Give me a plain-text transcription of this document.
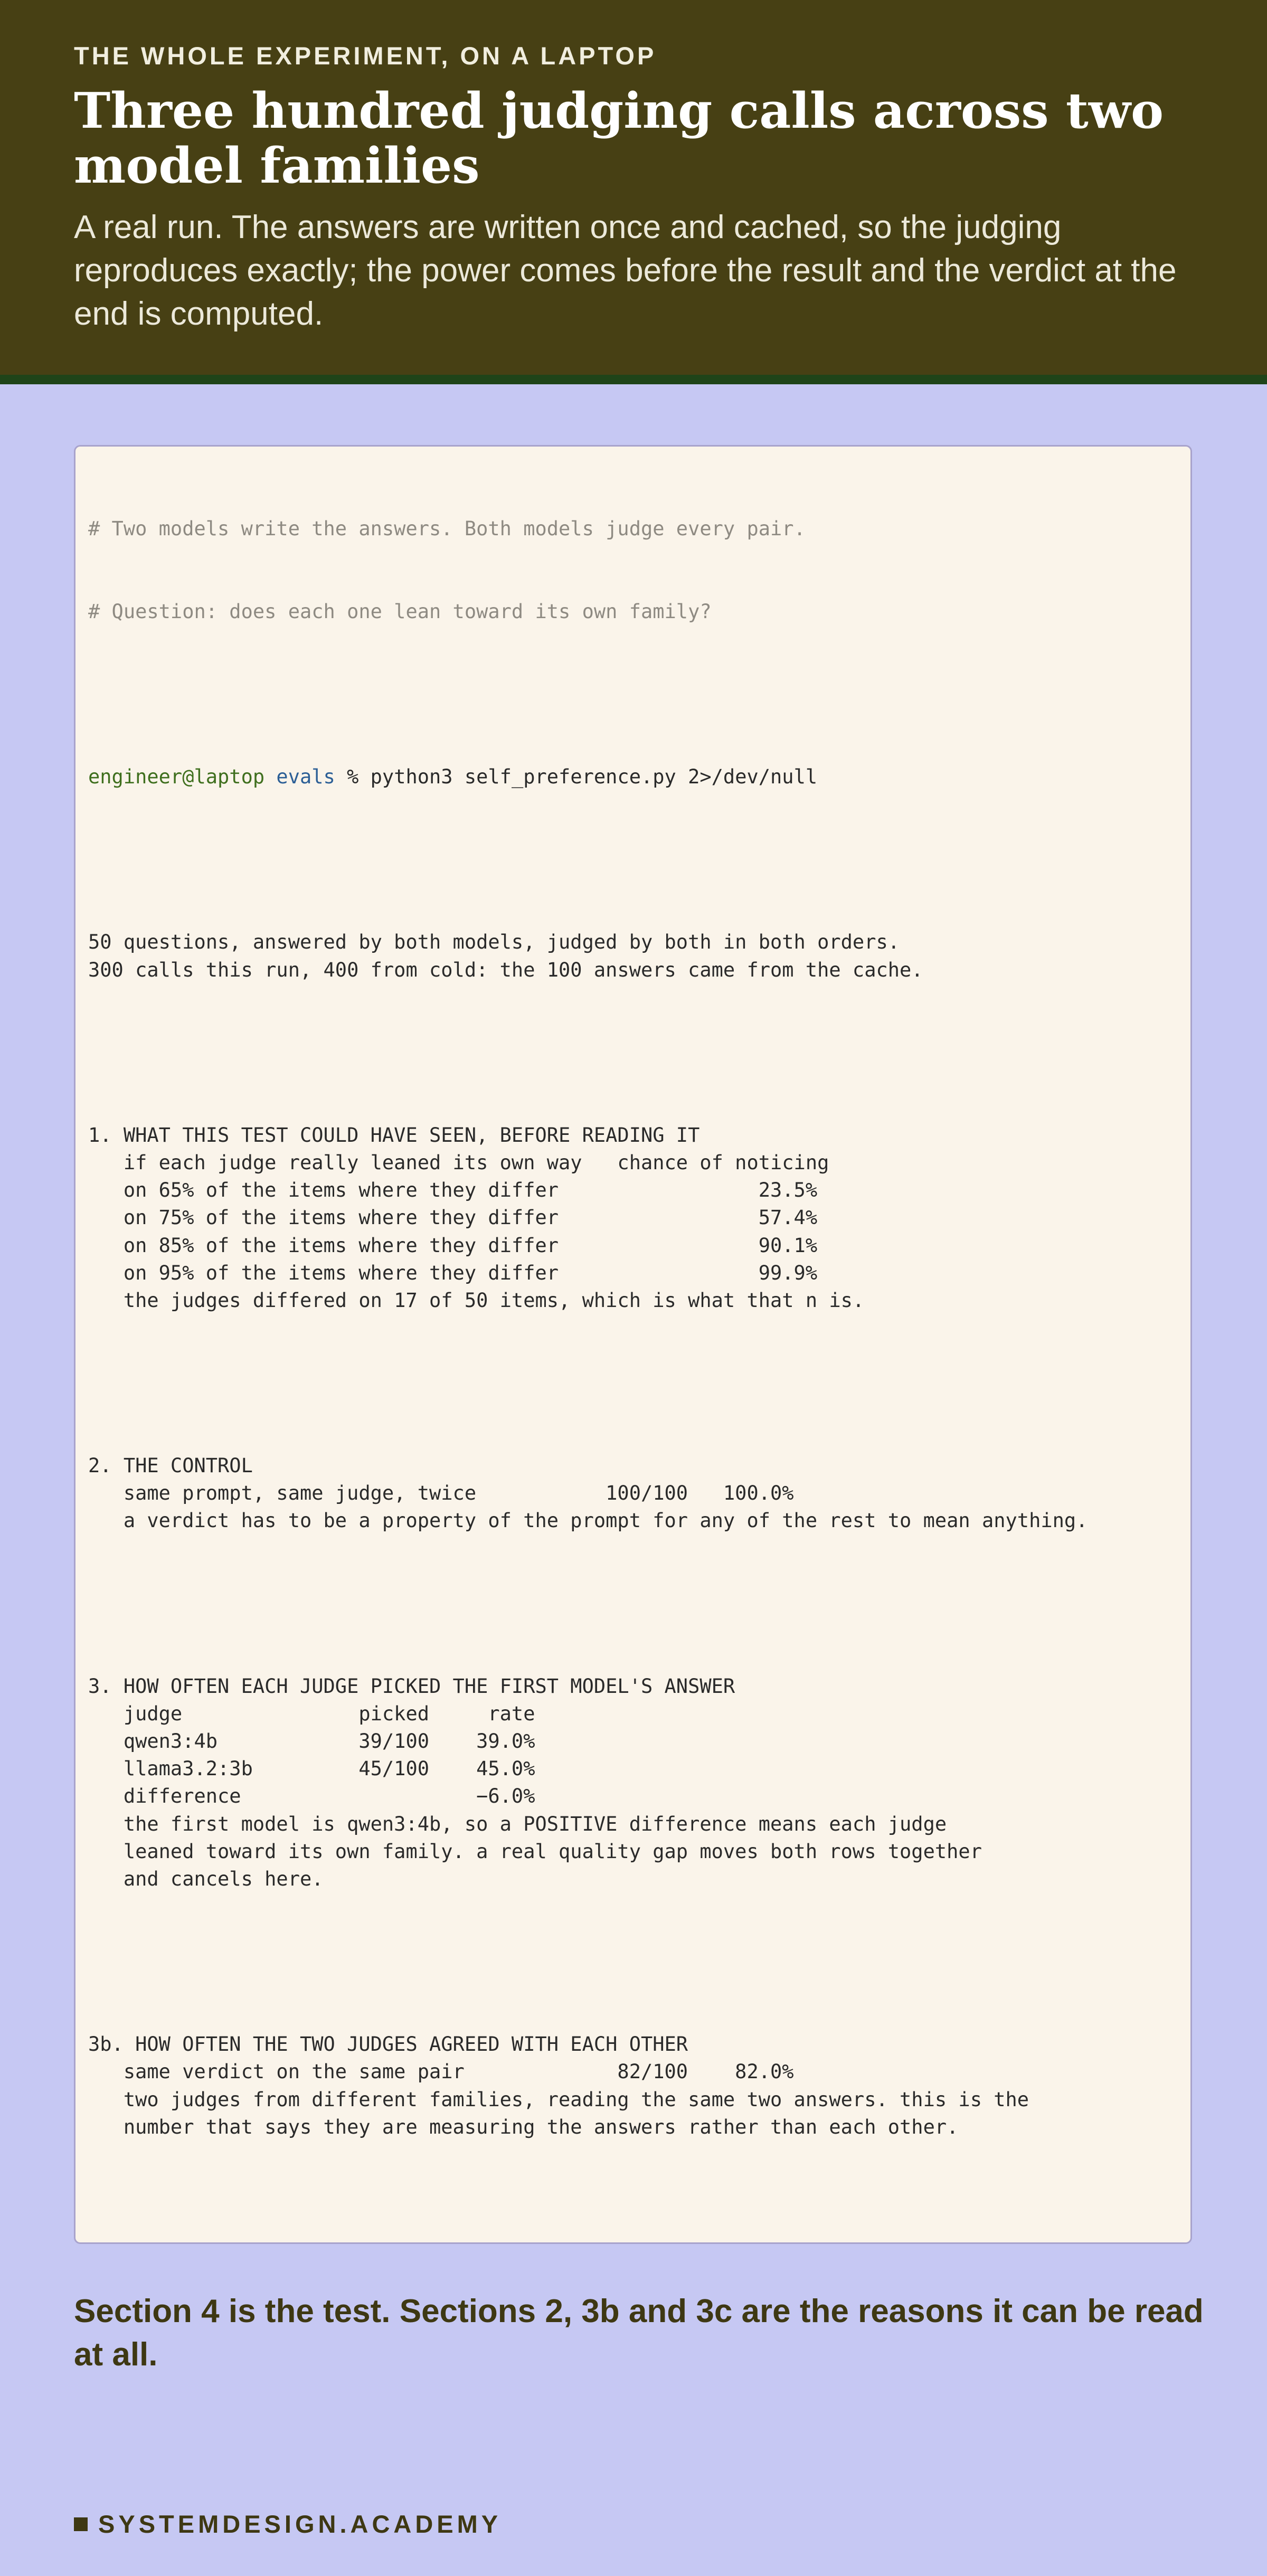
THE WHOLE EXPERIMENT, ON A LAPTOP
Three hundred judging calls across two model families
A real run. The answers are written once and cached, so the judging reproduces exactly; the power comes before the result and the verdict at the end is computed.

# Two models write the answers. Both models judge every pair.

# Question: does each one lean toward its own family?

engineer@laptop evals % python3 self_preference.py 2>/dev/null

50 questions, answered by both models, judged by both in both orders.
300 calls this run, 400 from cold: the 100 answers came from the cache.

1. WHAT THIS TEST COULD HAVE SEEN, BEFORE READING IT
if each judge really leaned its own way   chance of noticing
on 65% of the items where they differ                 23.5%
on 75% of the items where they differ                 57.4%
on 85% of the items where they differ                 90.1%
on 95% of the items where they differ                 99.9%
the judges differed on 17 of 50 items, which is what that n is.

2. THE CONTROL
same prompt, same judge, twice           100/100   100.0%
a verdict has to be a property of the prompt for any of the rest to mean anything.

3. HOW OFTEN EACH JUDGE PICKED THE FIRST MODEL'S ANSWER
judge               picked     rate
qwen3:4b            39/100    39.0%
llama3.2:3b         45/100    45.0%
difference                    −6.0%
the first model is qwen3:4b, so a POSITIVE difference means each judge
leaned toward its own family. a real quality gap moves both rows together
and cancels here.

3b. HOW OFTEN THE TWO JUDGES AGREED WITH EACH OTHER
same verdict on the same pair             82/100    82.0%
two judges from different families, reading the same two answers. this is the
number that says they are measuring the answers rather than each other.

Section 4 is the test. Sections 2, 3b and 3c are the reasons it can be read at all.
SYSTEMDESIGN.ACADEMY
